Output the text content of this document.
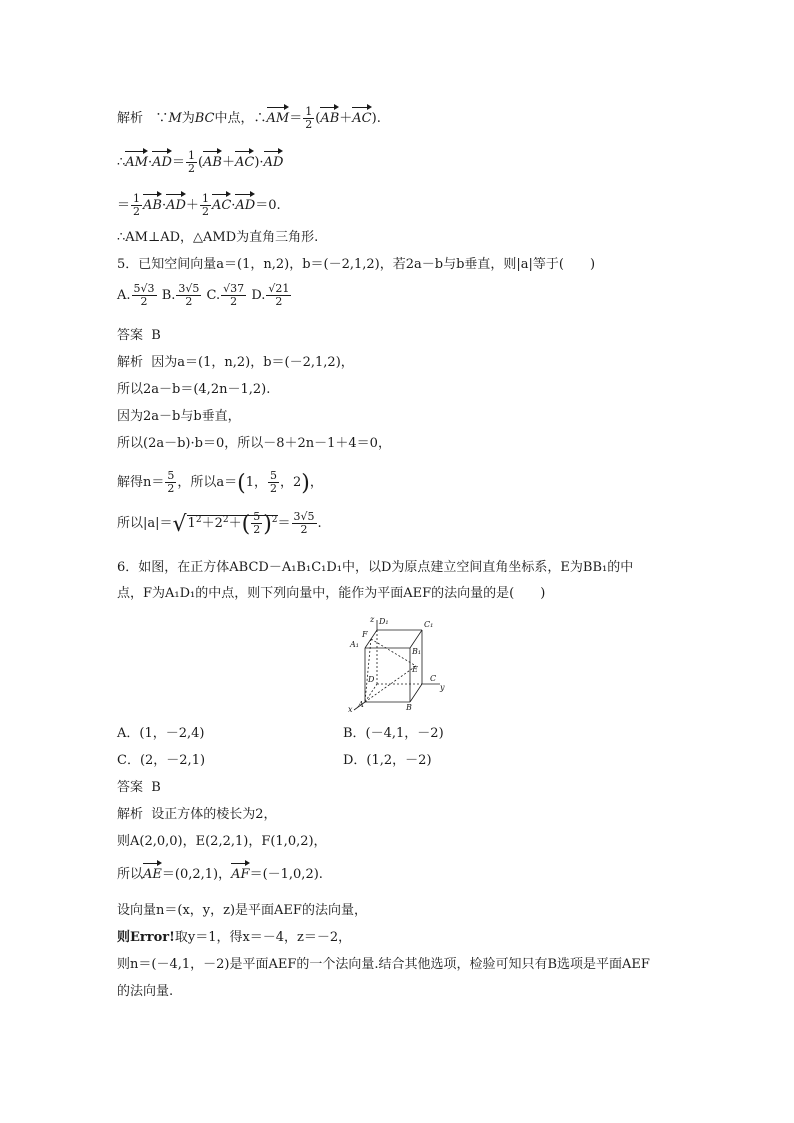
解析 ∵M为BC中点，∴AM＝ $\frac{1}{2} (AB+AC)$.
∴AM·AD＝ $\frac{1}{2} (AB+AC)\cdot AD$
＝ $\frac{1}{2} AB\cdot AD+ \frac{1}{2} AC\cdot AD=0$.
∴AM⊥AD，△AMD为直角三角形.
5．已知空间向量a＝(1，n,2)，b＝(－2,1,2)，若2a－b与b垂直，则|a|等于(　　)
A. $\frac{5√3}{2} B$. $\frac{3√5}{2} C$. $\frac{√37}{2} D$. $\frac{√21}{2}$
答案 B
解析 因为a＝(1，n,2)，b＝(－2,1,2)，
所以2a－b＝(4,2n－1,2).
因为2a－b与b垂直，
所以(2a－b)·b＝0，所以－8＋2n－1＋4＝0，
解得$n= \frac{5}{2}$ ，所以a＝(1， $\frac{5}{2}$ ，2)，
所以$|a|=√1^2+2^2+( \frac{5}{2} )^2= \frac{3√5}{2}$ .
6．如图，在正方体ABCD－A₁B₁C₁D₁中，以D为原点建立空间直角坐标系，E为BB₁的中
点，F为A₁D₁的中点，则下列向量中，能作为平面AEF的法向量的是(　　)
z D₁	C₁
F
A₁
B₁
E
D	C
y
A	B
x
A．(1，－2,4)	B．(－4,1，－2)
C．(2，－2,1)	D．(1,2，－2)
答案 B
解析 设正方体的棱长为2，
则A(2,0,0)，E(2,2,1)，F(1,0,2)，
所以AE＝(0,2,1)，AF＝(－1,0,2).
设向量n＝(x，y，z)是平面AEF的法向量，
则Error!取y＝1，得x＝－4，z＝－2，
则n＝(－4,1，－2)是平面AEF的一个法向量.结合其他选项，检验可知只有B选项是平面AEF
的法向量.
